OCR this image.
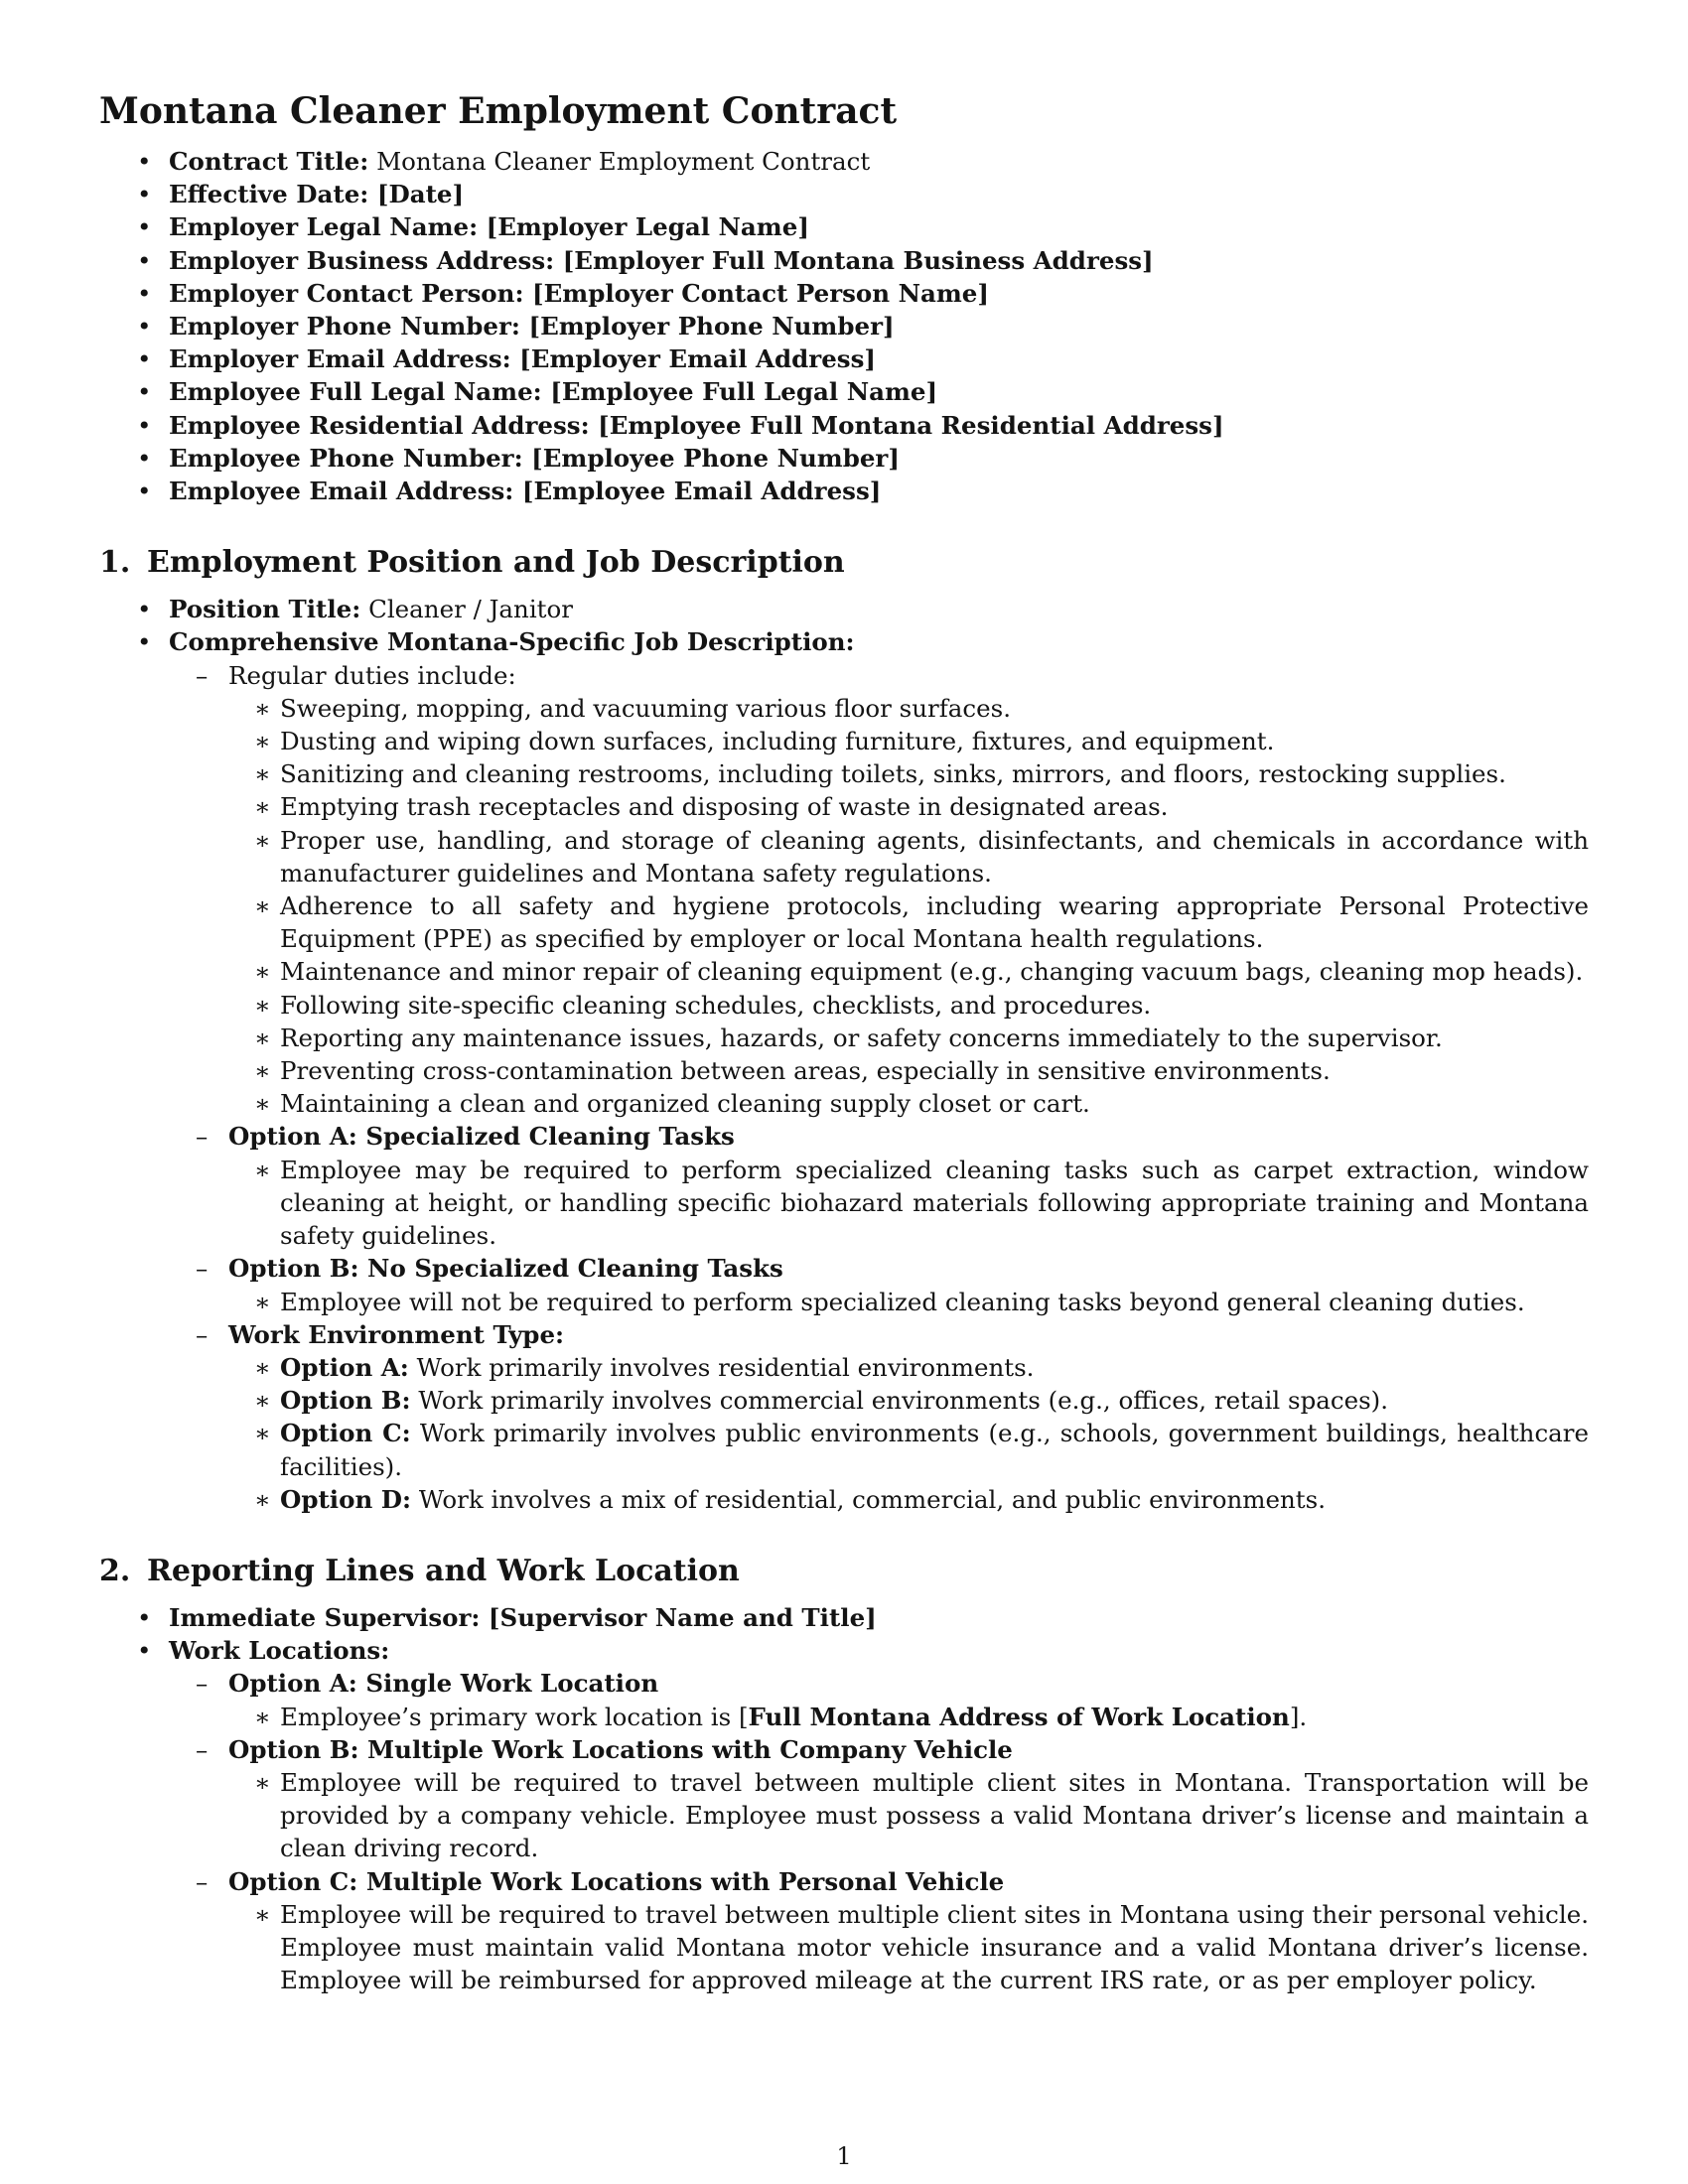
Montana Cleaner Employment Contract
• Contract Title: Montana Cleaner Employment Contract
• Effective Date: [Date]
• Employer Legal Name: [Employer Legal Name]
• Employer Business Address: [Employer Full Montana Business Address]
• Employer Contact Person: [Employer Contact Person Name]
• Employer Phone Number: [Employer Phone Number]
• Employer Email Address: [Employer Email Address]
• Employee Full Legal Name: [Employee Full Legal Name]
• Employee Residential Address: [Employee Full Montana Residential Address]
• Employee Phone Number: [Employee Phone Number]
• Employee Email Address: [Employee Email Address]
1. Employment Position and Job Description
• Position Title: Cleaner / Janitor
• Comprehensive Montana-Specific Job Description:
– Regular duties include:
∗ Sweeping, mopping, and vacuuming various floor surfaces.
∗ Dusting and wiping down surfaces, including furniture, fixtures, and equipment.
∗ Sanitizing and cleaning restrooms, including toilets, sinks, mirrors, and floors, restocking supplies.
∗ Emptying trash receptacles and disposing of waste in designated areas.
∗ Proper use, handling, and storage of cleaning agents, disinfectants, and chemicals in accordance with manufacturer guidelines and Montana safety regulations.
∗ Adherence to all safety and hygiene protocols, including wearing appropriate Personal Protective Equipment (PPE) as specified by employer or local Montana health regulations.
∗ Maintenance and minor repair of cleaning equipment (e.g., changing vacuum bags, cleaning mop heads).
∗ Following site-specific cleaning schedules, checklists, and procedures.
∗ Reporting any maintenance issues, hazards, or safety concerns immediately to the supervisor.
∗ Preventing cross-contamination between areas, especially in sensitive environments.
∗ Maintaining a clean and organized cleaning supply closet or cart.
– Option A: Specialized Cleaning Tasks
∗ Employee may be required to perform specialized cleaning tasks such as carpet extraction, window cleaning at height, or handling specific biohazard materials following appropriate training and Montana safety guidelines.
– Option B: No Specialized Cleaning Tasks
∗ Employee will not be required to perform specialized cleaning tasks beyond general cleaning duties.
– Work Environment Type:
∗ Option A: Work primarily involves residential environments.
∗ Option B: Work primarily involves commercial environments (e.g., offices, retail spaces).
∗ Option C: Work primarily involves public environments (e.g., schools, government buildings, healthcare facilities).
∗ Option D: Work involves a mix of residential, commercial, and public environments.
2. Reporting Lines and Work Location
• Immediate Supervisor: [Supervisor Name and Title]
• Work Locations:
– Option A: Single Work Location
∗ Employee’s primary work location is [Full Montana Address of Work Location].
– Option B: Multiple Work Locations with Company Vehicle
∗ Employee will be required to travel between multiple client sites in Montana. Transportation will be provided by a company vehicle. Employee must possess a valid Montana driver’s license and maintain a clean driving record.
– Option C: Multiple Work Locations with Personal Vehicle
∗ Employee will be required to travel between multiple client sites in Montana using their personal vehicle. Employee must maintain valid Montana motor vehicle insurance and a valid Montana driver’s license. Employee will be reimbursed for approved mileage at the current IRS rate, or as per employer policy.
1
